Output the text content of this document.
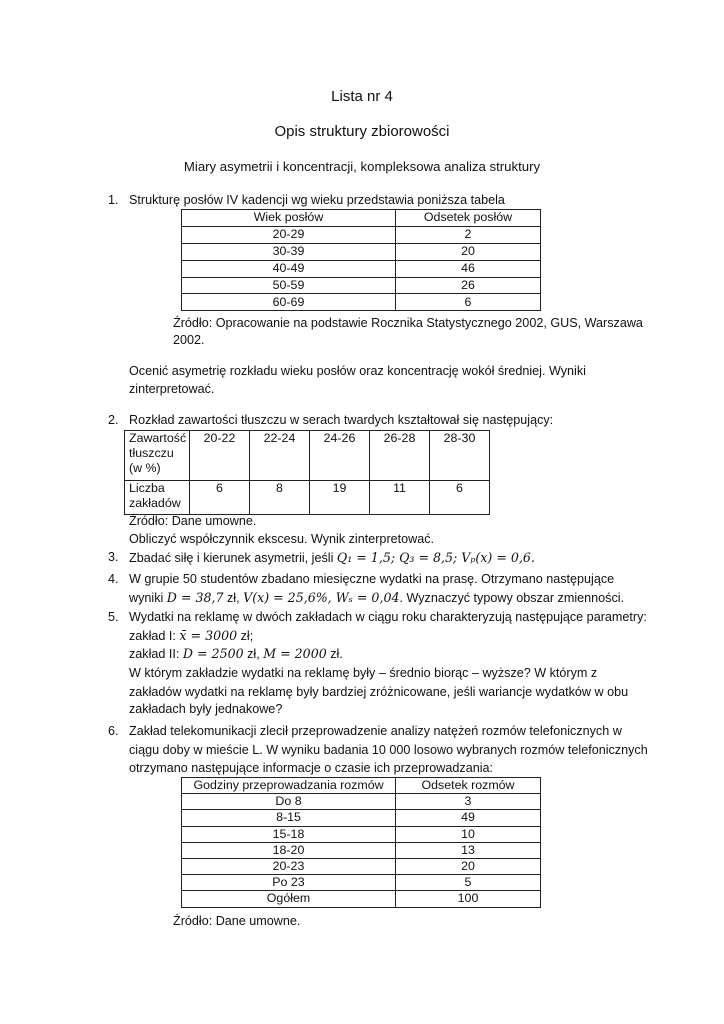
Lista nr 4
Opis struktury zbiorowości
Miary asymetrii i koncentracji, kompleksowa analiza struktury
1. Strukturę posłów IV kadencji wg wieku przedstawia poniższa tabela
Wiek posłów	Odsetek posłów
20-29	2
30-39	20
40-49	46
50-59	26
60-69	6
Źródło: Opracowanie na podstawie Rocznika Statystycznego 2002, GUS, Warszawa
2002.
Ocenić asymetrię rozkładu wieku posłów oraz koncentrację wokół średniej. Wyniki
zinterpretować.
2. Rozkład zawartości tłuszczu w serach twardych kształtował się następujący:
Zawartość
tłuszczu
(w %)	20-22	22-24	24-26	26-28	28-30

Liczba
zakładów	6	8	19	11	6
Źródło: Dane umowne.
Obliczyć współczynnik ekscesu. Wynik zinterpretować.
3. Zbadać siłę i kierunek asymetrii, jeśli Q₁ = 1,5; Q₃ = 8,5; Vₚ(x) = 0,6.
4. W grupie 50 studentów zbadano miesięczne wydatki na prasę. Otrzymano następujące
wyniki D = 38,7 zł, V(x) = 25,6%, Wₛ = 0,04. Wyznaczyć typowy obszar zmienności.
5. Wydatki na reklamę w dwóch zakładach w ciągu roku charakteryzują następujące parametry:
zakład I: x̄ = 3000 zł;
zakład II: D = 2500 zł, M = 2000 zł.
W którym zakładzie wydatki na reklamę były – średnio biorąc – wyższe? W którym z
zakładów wydatki na reklamę były bardziej zróżnicowane, jeśli wariancje wydatków w obu
zakładach były jednakowe?
6. Zakład telekomunikacji zlecił przeprowadzenie analizy natężeń rozmów telefonicznych w
ciągu doby w mieście L. W wyniku badania 10 000 losowo wybranych rozmów telefonicznych
otrzymano następujące informacje o czasie ich przeprowadzania:
Godziny przeprowadzania rozmów	Odsetek rozmów
Do 8	3
8-15	49
15-18	10
18-20	13
20-23	20
Po 23	5
Ogółem	100
Źródło: Dane umowne.
